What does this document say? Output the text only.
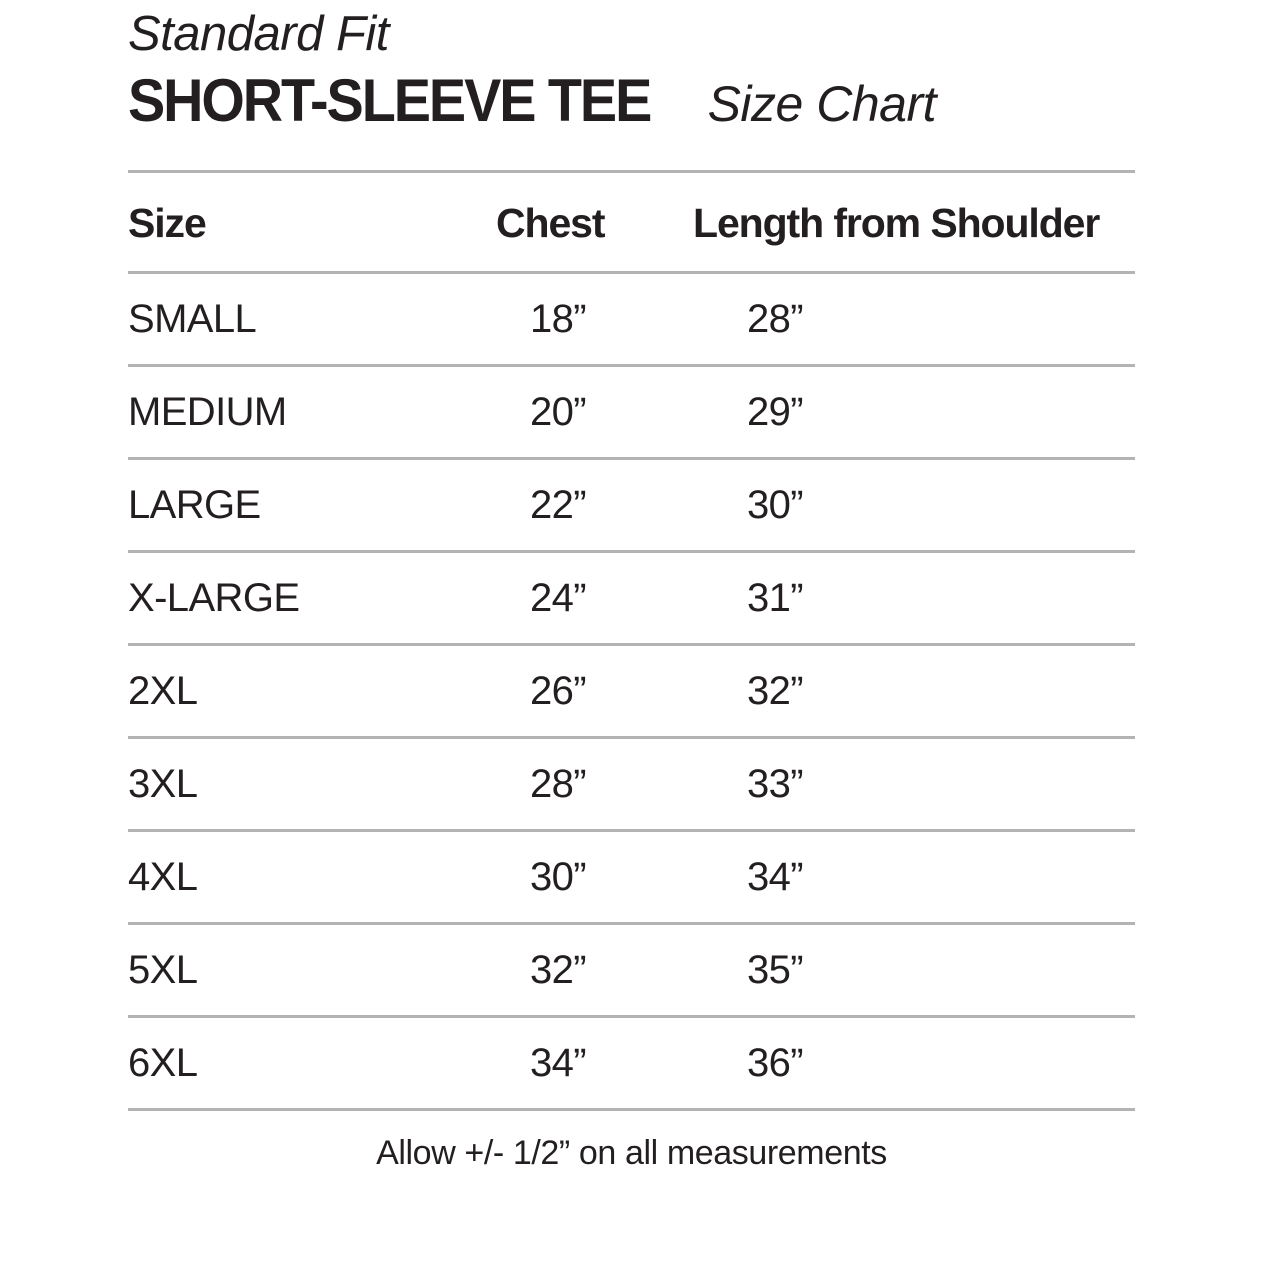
Standard Fit
SHORT-SLEEVE TEE Size Chart
Size	Chest	Length from Shoulder
SMALL	18”	28”
MEDIUM	20”	29”
LARGE	22”	30”
X-LARGE	24”	31”
2XL	26”	32”
3XL	28”	33”
4XL	30”	34”
5XL	32”	35”
6XL	34”	36”
Allow +/- 1/2” on all measurements
